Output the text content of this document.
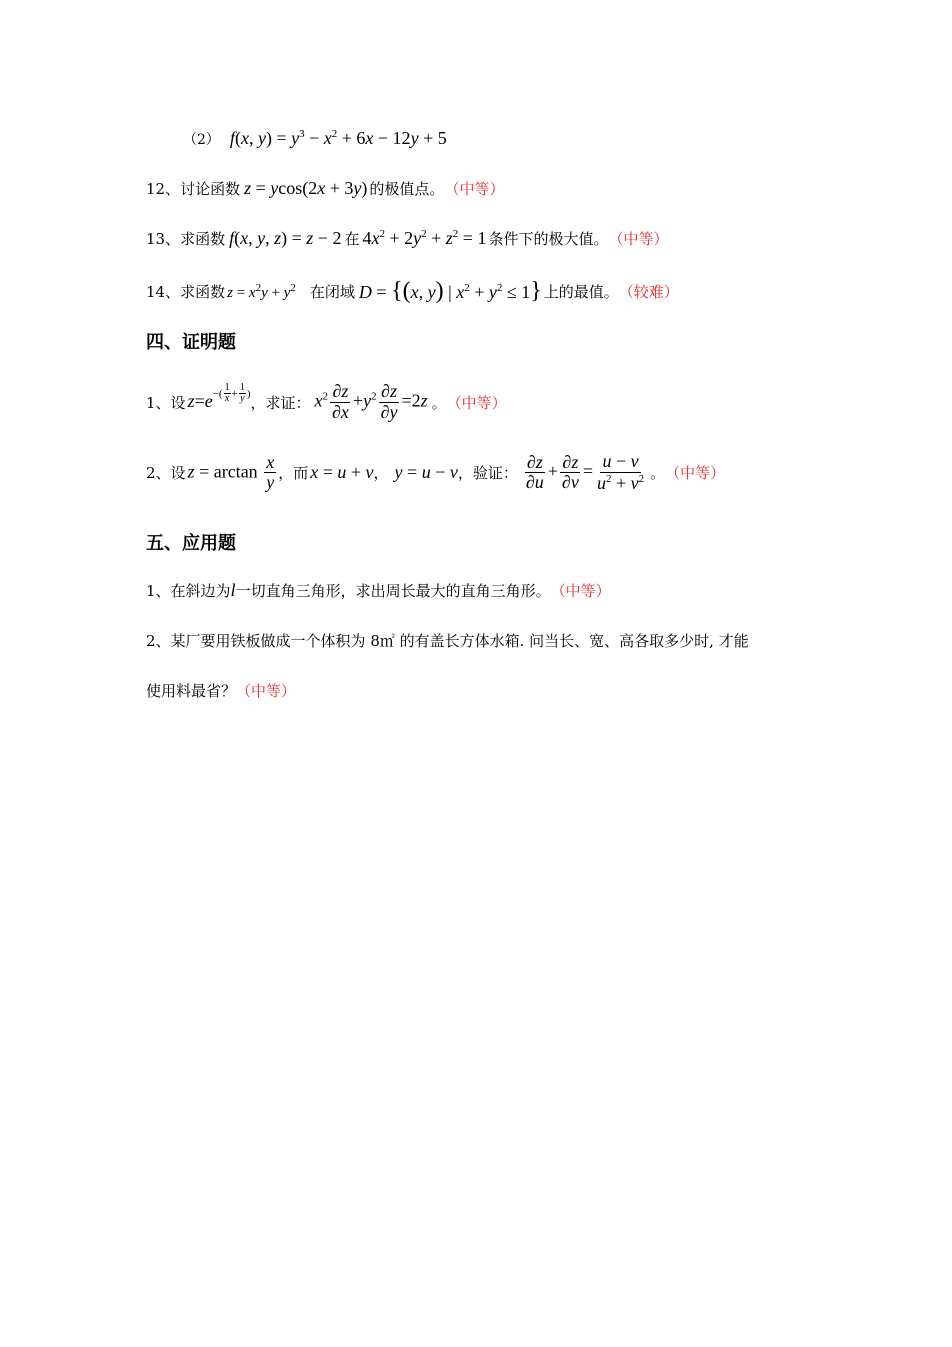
（2） f(x, $y) = y^3 - x^2 + 6x - 12y + 5$
12、讨论函数 z = ycos(2x + 3y) 的极值点。 （中等）
13、求函数 f(x, y, z) = z − 2 在 $4x^2 + 2y^2 + z^2 = 1$ 条件下的极大值。 （中等）
14、求函数 $z = x^2y + y^2$ 在闭域 D = {(x, y) | $x^2 + y^2 \le 1$} 上的最值。 （较难）
四、证明题
1、设 z=e−( 1
x + 1
y )
，求证： $x^2 \frac{\partial z}{\partial x} +y^2 \frac{\partial z}{\partial y} =2z$ 。 （中等）
2、设 $z = \arctan \frac{x}{y}$ ，而 x = u + v ， y = u − v ，验证： $\frac{\partial z}{\partial u} + \frac{\partial z}{\partial v} = \frac{u - v}{u^2 + v^2}$ 。 （中等）
五、应用题
1、在斜边为 l 一切直角三角形，求出周长最大的直角三角形。 （中等）
2、某厂要用铁板做成一个体积为 8㎡ 的有盖长方体水箱. 问当长、宽、高各取多少时, 才能
使用料最省？ （中等）
